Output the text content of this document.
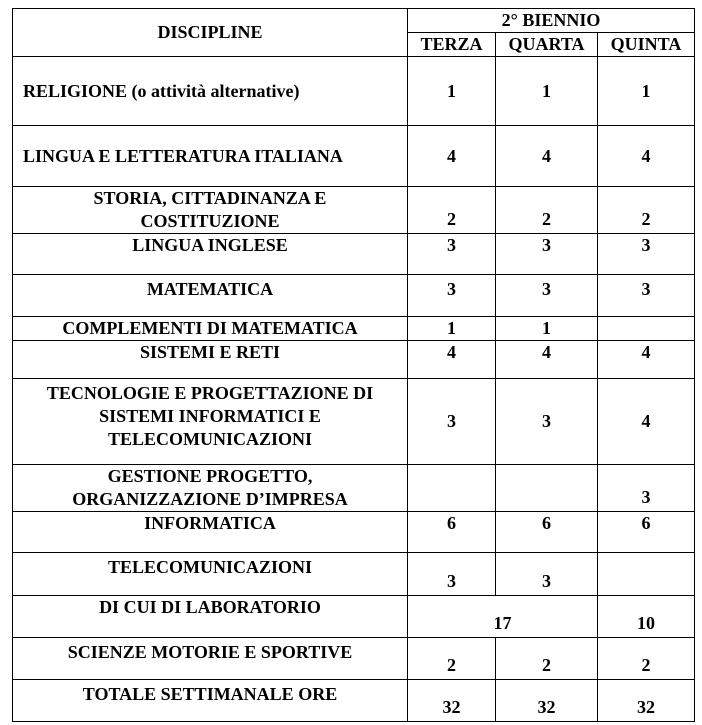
DISCIPLINE	2° BIENNIO		
	TERZA	QUARTA	QUINTA
RELIGIONE (o attività alternative)	1	1	1
LINGUA E LETTERATURA ITALIANA	4	4	4

STORIA, CITTADINANZA E
COSTITUZIONE	2	2	2
LINGUA INGLESE	3	3	3
MATEMATICA	3	3	3
COMPLEMENTI DI MATEMATICA	1	1	
SISTEMI E RETI	4	4	4

TECNOLOGIE E PROGETTAZIONE DI
SISTEMI INFORMATICI E
TELECOMUNICAZIONI	3	3	4

GESTIONE PROGETTO,
ORGANIZZAZIONE D’IMPRESA			3
INFORMATICA	6	6	6
TELECOMUNICAZIONI	3	3	
DI CUI DI LABORATORIO	17		10
SCIENZE MOTORIE E SPORTIVE	2	2	2
TOTALE SETTIMANALE ORE	32	32	32
